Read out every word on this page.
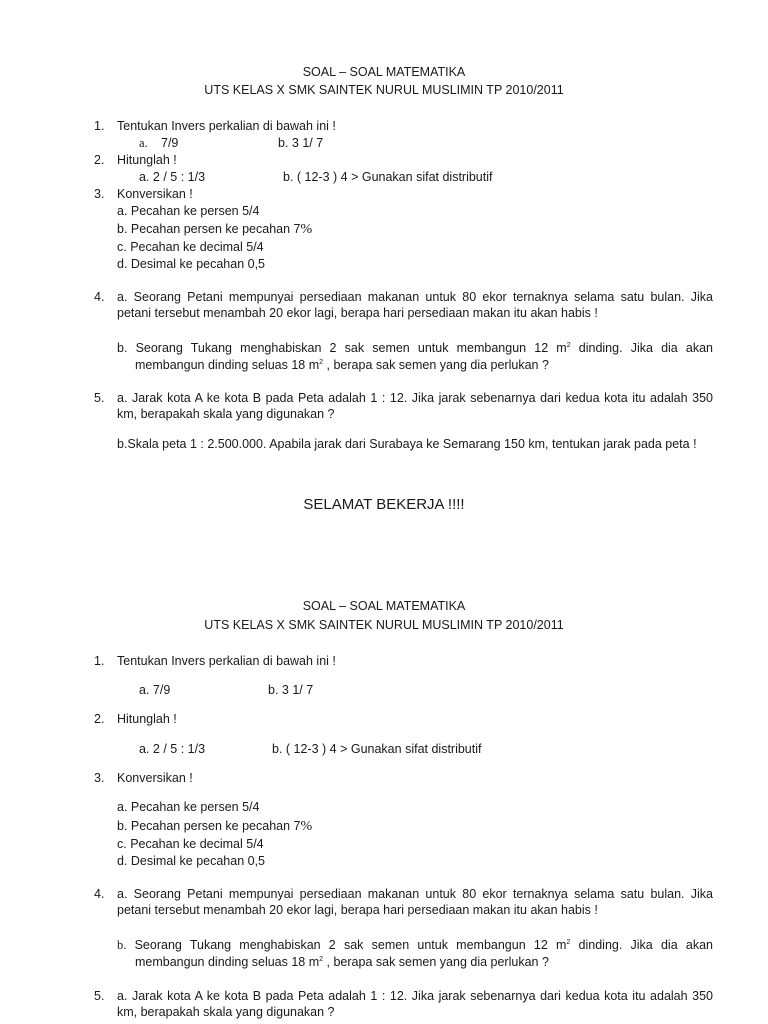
SOAL – SOAL MATEMATIKA
UTS KELAS X SMK SAINTEK NURUL MUSLIMIN TP 2010/2011
1. Tentukan Invers perkalian di bawah ini !
a. 7/9	b. 3 1/ 7
2. Hitunglah !
a. 2 / 5 : 1/3	b. ( 12-3 ) 4 > Gunakan sifat distributif
3. Konversikan !
a. Pecahan ke persen 5/4
b. Pecahan persen ke pecahan 7%
c. Pecahan ke decimal 5/4
d. Desimal ke pecahan 0,5
4. a. Seorang Petani mempunyai persediaan makanan untuk 80 ekor ternaknya selama satu bulan. Jika petani tersebut menambah 20 ekor lagi, berapa hari persediaan makan itu akan habis !
b. Seorang Tukang menghabiskan 2 sak semen untuk membangun 12 $m^2$ dinding. Jika dia akan
membangun dinding seluas 18 $m^2$ , berapa sak semen yang dia perlukan ?
5. a. Jarak kota A ke kota B pada Peta adalah 1 : 12. Jika jarak sebenarnya dari kedua kota itu adalah 350 km, berapakah skala yang digunakan ?
b.Skala peta 1 : 2.500.000. Apabila jarak dari Surabaya ke Semarang 150 km, tentukan jarak pada peta !
SELAMAT BEKERJA !!!!
SOAL – SOAL MATEMATIKA
UTS KELAS X SMK SAINTEK NURUL MUSLIMIN TP 2010/2011
1. Tentukan Invers perkalian di bawah ini !
a. 7/9	b. 3 1/ 7
2. Hitunglah !
a. 2 / 5 : 1/3	b. ( 12-3 ) 4 > Gunakan sifat distributif
3. Konversikan !
a. Pecahan ke persen 5/4
b. Pecahan persen ke pecahan 7%
c. Pecahan ke decimal 5/4
d. Desimal ke pecahan 0,5
4. a. Seorang Petani mempunyai persediaan makanan untuk 80 ekor ternaknya selama satu bulan. Jika petani tersebut menambah 20 ekor lagi, berapa hari persediaan makan itu akan habis !
b. Seorang Tukang menghabiskan 2 sak semen untuk membangun 12 $m^2$ dinding. Jika dia akan
membangun dinding seluas 18 $m^2$ , berapa sak semen yang dia perlukan ?
5. a. Jarak kota A ke kota B pada Peta adalah 1 : 12. Jika jarak sebenarnya dari kedua kota itu adalah 350 km, berapakah skala yang digunakan ?
